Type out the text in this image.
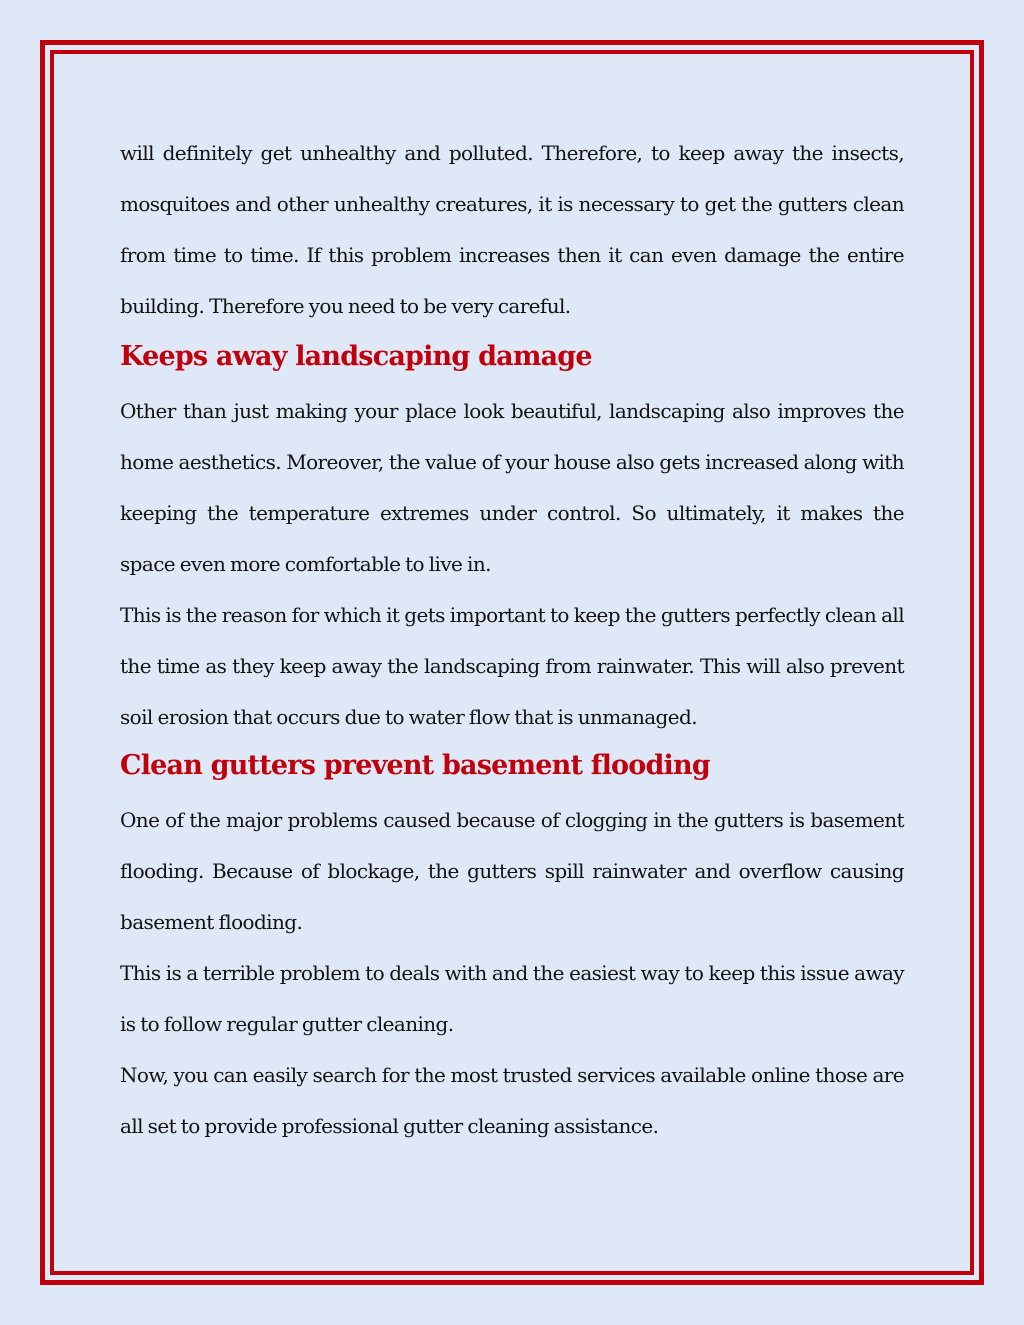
will definitely get unhealthy and polluted. Therefore, to keep away the insects, mosquitoes and other unhealthy creatures, it is necessary to get the gutters clean from time to time. If this problem increases then it can even damage the entire building. Therefore you need to be very careful.

Keeps away landscaping damage

Other than just making your place look beautiful, landscaping also improves the home aesthetics. Moreover, the value of your house also gets increased along with keeping the temperature extremes under control. So ultimately, it makes the space even more comfortable to live in.

This is the reason for which it gets important to keep the gutters perfectly clean all the time as they keep away the landscaping from rainwater. This will also prevent soil erosion that occurs due to water flow that is unmanaged.

Clean gutters prevent basement flooding

One of the major problems caused because of clogging in the gutters is basement flooding. Because of blockage, the gutters spill rainwater and overflow causing basement flooding.

This is a terrible problem to deals with and the easiest way to keep this issue away is to follow regular gutter cleaning.

Now, you can easily search for the most trusted services available online those are all set to provide professional gutter cleaning assistance.
